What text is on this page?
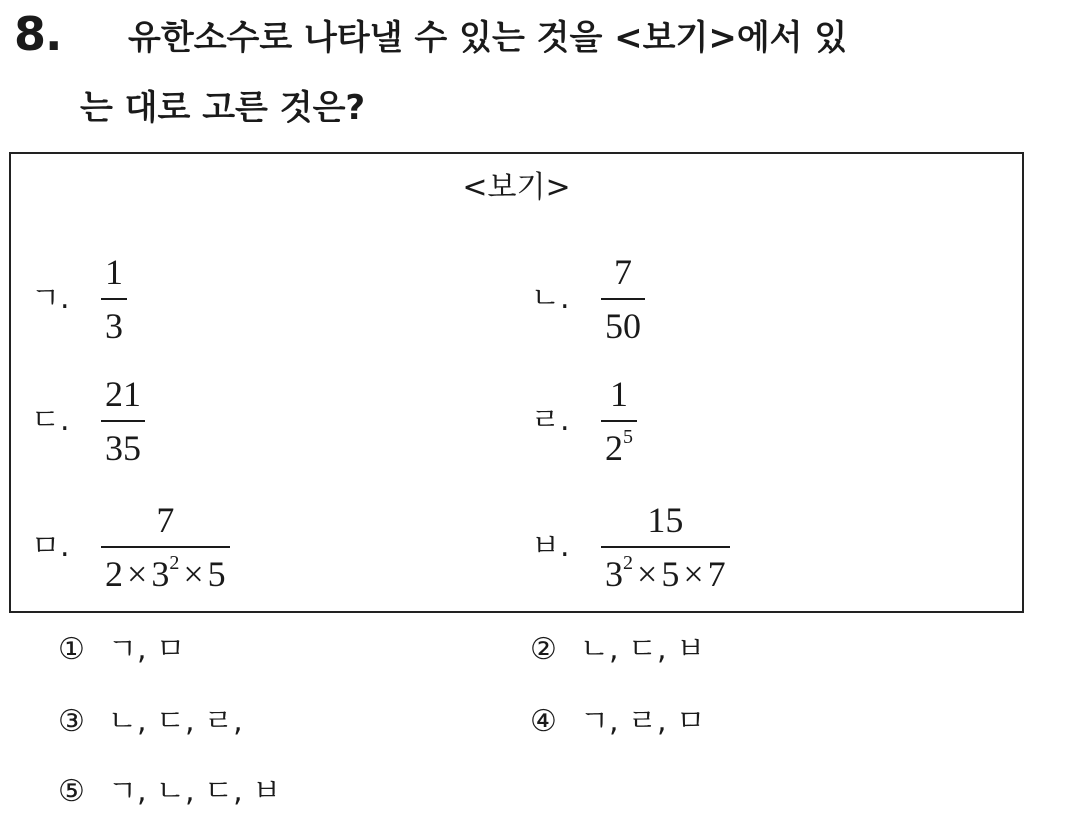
8. 유한소수로 나타낼 수 있는 것을 <보기>에서 있
는 대로 고른 것은?
<보기>
ㄱ. $\frac{1}{3}$	ㄴ. $\frac{7}{50}$
ㄷ. $\frac{21}{35}$	ㄹ. $\frac{1}{2^5}$
ㅁ. $\frac{7}{2 \times 3^2 \times 5}$	ㅂ. $\frac{15}{3^2 \times 5 \times 7}$
① ㄱ, ㅁ	② ㄴ, ㄷ, ㅂ
③ ㄴ, ㄷ, ㄹ,	④ ㄱ, ㄹ, ㅁ
⑤ ㄱ, ㄴ, ㄷ, ㅂ
